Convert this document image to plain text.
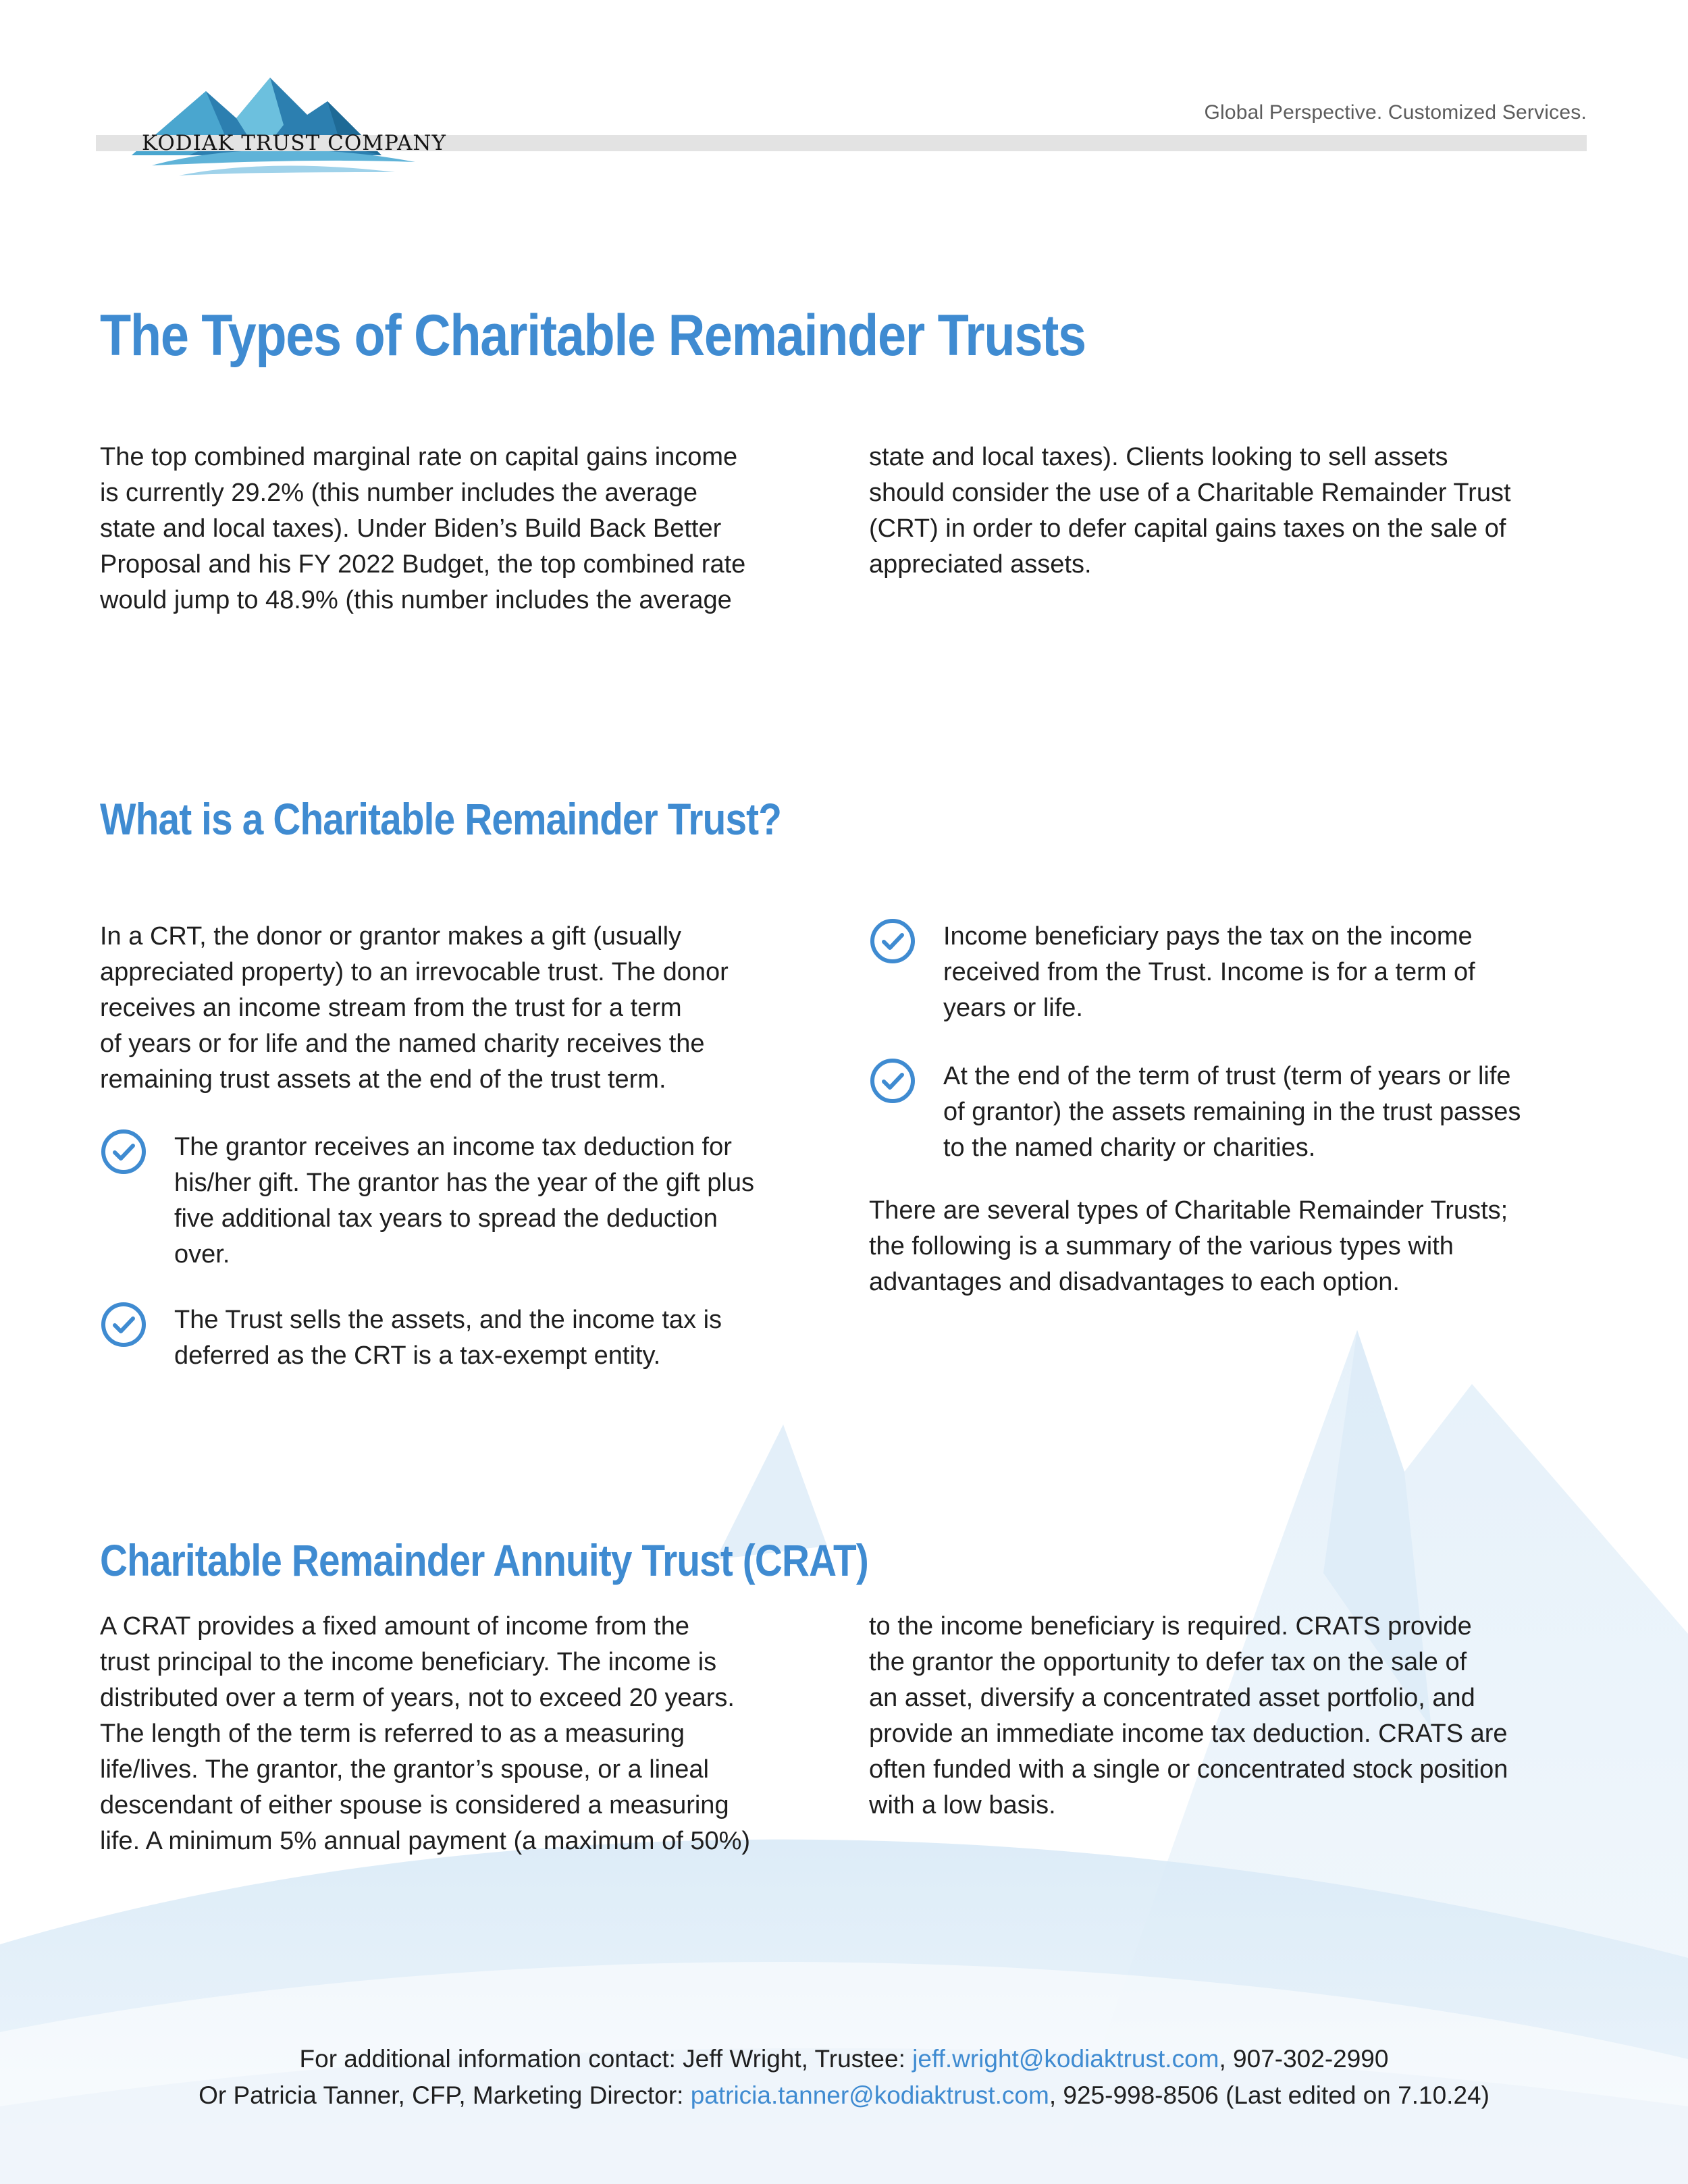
KODIAK TRUST COMPANY
Global Perspective. Customized Services.
The Types of Charitable Remainder Trusts

The top combined marginal rate on capital gains income
is currently 29.2% (this number includes the average
state and local taxes). Under Biden’s Build Back Better
Proposal and his FY 2022 Budget, the top combined rate
would jump to 48.9% (this number includes the average

state and local taxes). Clients looking to sell assets
should consider the use of a Charitable Remainder Trust
(CRT) in order to defer capital gains taxes on the sale of
appreciated assets.

What is a Charitable Remainder Trust?

In a CRT, the donor or grantor makes a gift (usually
appreciated property) to an irrevocable trust. The donor
receives an income stream from the trust for a term
of years or for life and the named charity receives the
remaining trust assets at the end of the trust term.

The grantor receives an income tax deduction for
his/her gift. The grantor has the year of the gift plus
five additional tax years to spread the deduction
over.

The Trust sells the assets, and the income tax is
deferred as the CRT is a tax-exempt entity.

Income beneficiary pays the tax on the income
received from the Trust. Income is for a term of
years or life.

At the end of the term of trust (term of years or life
of grantor) the assets remaining in the trust passes
to the named charity or charities.

There are several types of Charitable Remainder Trusts;
the following is a summary of the various types with
advantages and disadvantages to each option.

Charitable Remainder Annuity Trust (CRAT)

A CRAT provides a fixed amount of income from the
trust principal to the income beneficiary. The income is
distributed over a term of years, not to exceed 20 years.
The length of the term is referred to as a measuring
life/lives. The grantor, the grantor’s spouse, or a lineal
descendant of either spouse is considered a measuring
life. A minimum 5% annual payment (a maximum of 50%)

to the income beneficiary is required. CRATS provide
the grantor the opportunity to defer tax on the sale of
an asset, diversify a concentrated asset portfolio, and
provide an immediate income tax deduction. CRATS are
often funded with a single or concentrated stock position
with a low basis.

For additional information contact: Jeff Wright, Trustee: jeff.wright@kodiaktrust.com, 907-302-2990
Or Patricia Tanner, CFP, Marketing Director: patricia.tanner@kodiaktrust.com, 925-998-8506 (Last edited on 7.10.24)
